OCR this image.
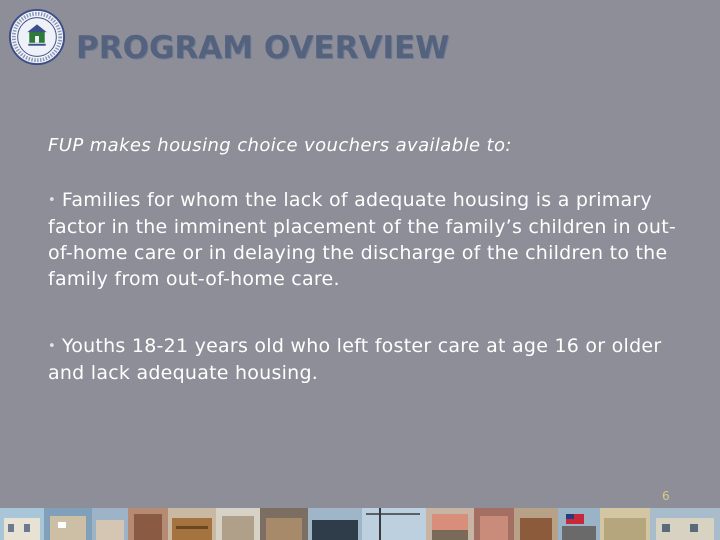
PROGRAM OVERVIEW
FUP makes housing choice vouchers available to:
• Families for whom the lack of adequate housing is a primary factor in the imminent placement of the family’s children in out-of-home care or in delaying the discharge of the children to the family from out-of-home care.
• Youths 18-21 years old who left foster care at age 16 or older and lack adequate housing.
6
